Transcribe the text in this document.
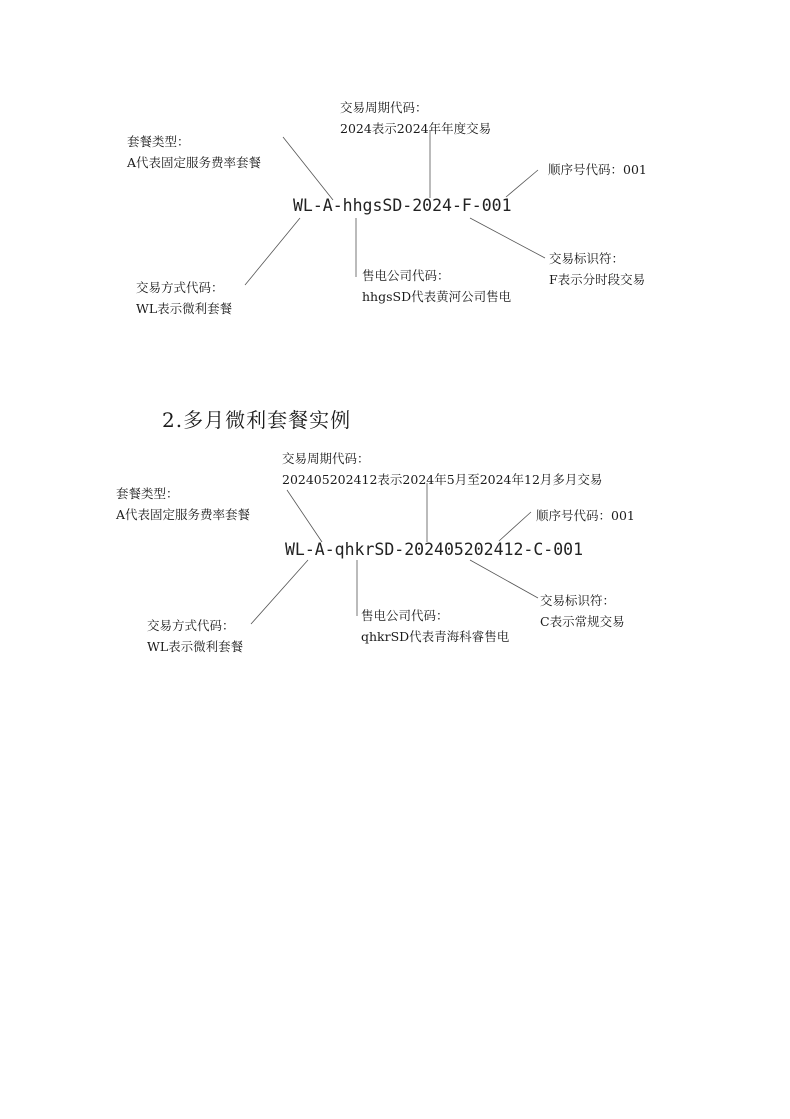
交易周期代码：
2024表示2024年年度交易
套餐类型：
A代表固定服务费率套餐	顺序号代码：001
WL-A-hhgsSD-2024-F-001
交易标识符：
F表示分时段交易
售电公司代码：
hhgsSD代表黄河公司售电
交易方式代码：
WL表示微利套餐
2.多月微利套餐实例
交易周期代码：
202405202412表示2024年5月至2024年12月多月交易
套餐类型：
A代表固定服务费率套餐	顺序号代码：001
WL-A-qhkrSD-202405202412-C-001
交易标识符：
C表示常规交易
售电公司代码：
qhkrSD代表青海科睿售电
交易方式代码：
WL表示微利套餐
